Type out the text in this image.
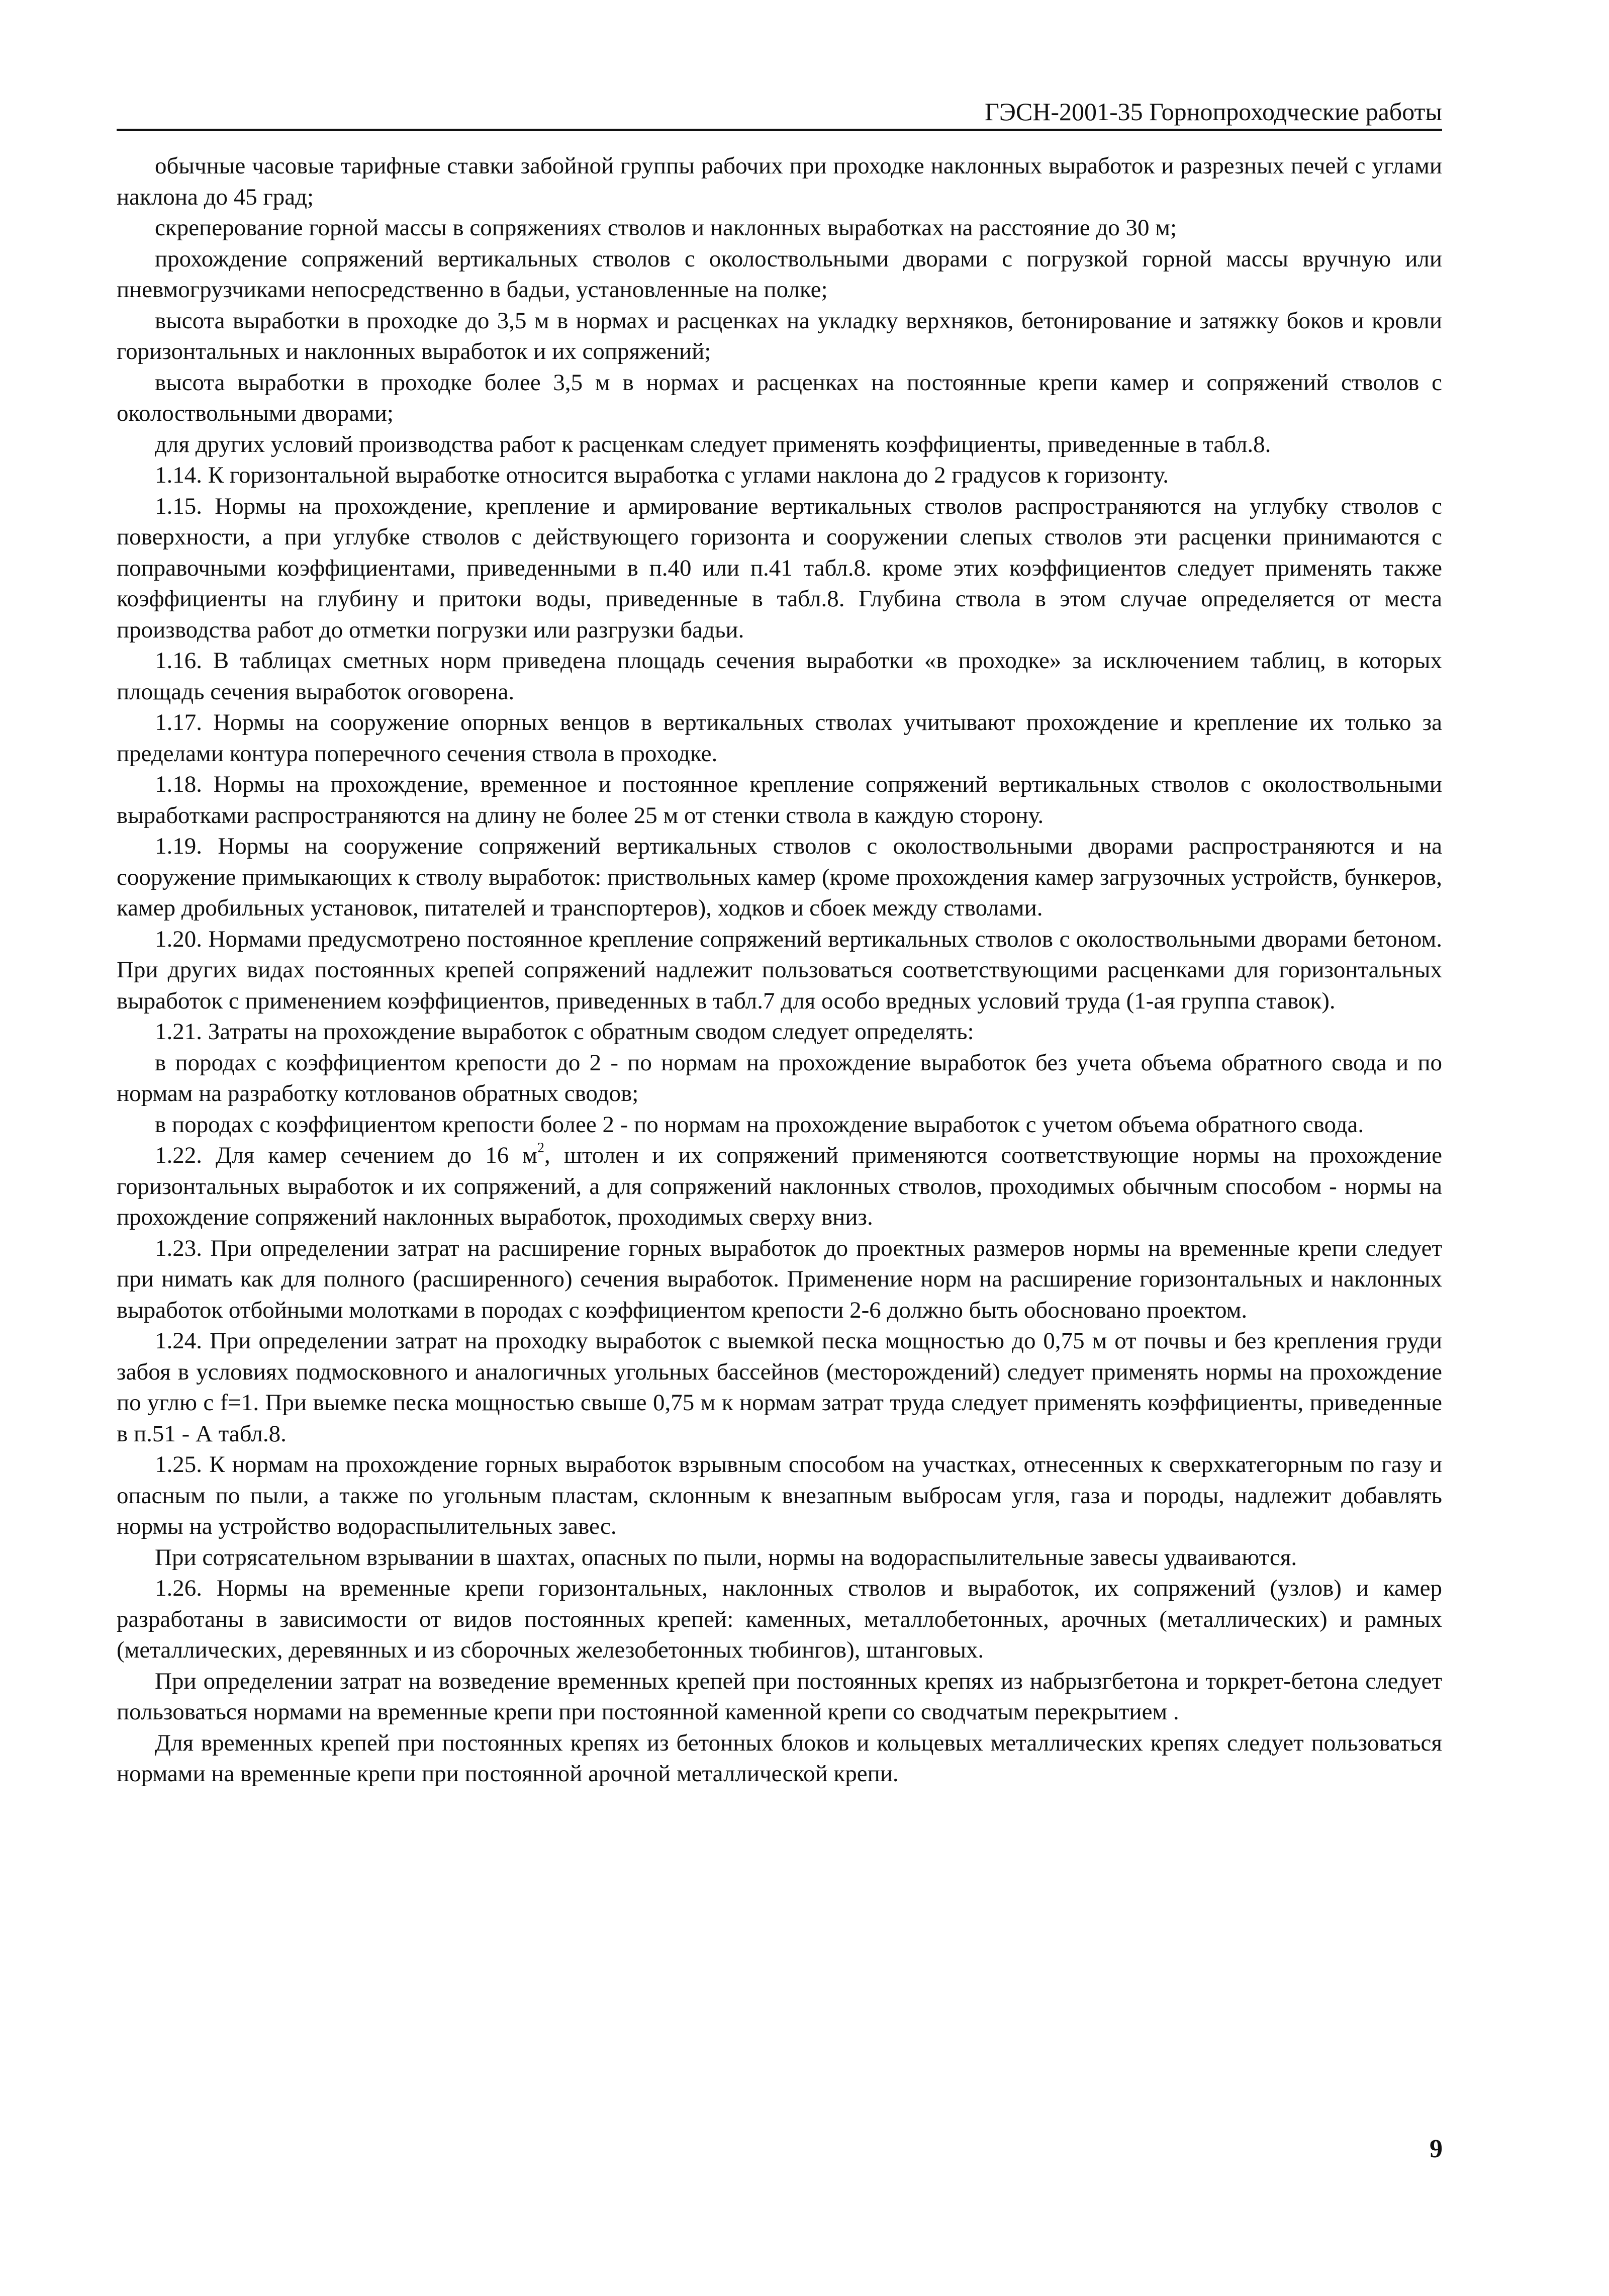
ГЭСН-2001-35 Горнопроходческие работы

обычные часовые тарифные ставки забойной группы рабочих при проходке наклонных выработок и разрезных печей с углами наклона до 45 град;

скреперование горной массы в сопряжениях стволов и наклонных выработках на расстояние до 30 м;

прохождение сопряжений вертикальных стволов с околоствольными дворами с погрузкой горной массы вручную или пневмогрузчиками непосредственно в бадьи, установленные на полке;

высота выработки в проходке до 3,5 м в нормах и расценках на укладку верхняков, бетонирование и затяжку боков и кровли горизонтальных и наклонных выработок и их сопряжений;

высота выработки в проходке более 3,5 м в нормах и расценках на постоянные крепи камер и сопряжений стволов с околоствольными дворами;

для других условий производства работ к расценкам следует применять коэффициенты, приведенные в табл.8.

1.14. К горизонтальной выработке относится выработка с углами наклона до 2 градусов к горизонту.

1.15. Нормы на прохождение, крепление и армирование вертикальных стволов распространяются на углубку стволов с поверхности, а при углубке стволов с действующего горизонта и сооружении слепых стволов эти расценки принимаются с поправочными коэффициентами, приведенными в п.40 или п.41 табл.8. кроме этих коэффициентов следует применять также коэффициенты на глубину и притоки воды, приведенные в табл.8. Глубина ствола в этом случае определяется от места производства работ до отметки погрузки или разгрузки бадьи.

1.16. В таблицах сметных норм приведена площадь сечения выработки «в проходке» за исключением таблиц, в которых площадь сечения выработок оговорена.

1.17. Нормы на сооружение опорных венцов в вертикальных стволах учитывают прохождение и крепление их только за пределами контура поперечного сечения ствола в проходке.

1.18. Нормы на прохождение, временное и постоянное крепление сопряжений вертикальных стволов с околоствольными выработками распространяются на длину не более 25 м от стенки ствола в каждую сторону.

1.19. Нормы на сооружение сопряжений вертикальных стволов с околоствольными дворами распространяются и на сооружение примыкающих к стволу выработок: приствольных камер (кроме прохождения камер загрузочных устройств, бункеров, камер дробильных установок, питателей и транспортеров), ходков и сбоек между стволами.

1.20. Нормами предусмотрено постоянное крепление сопряжений вертикальных стволов с околоствольными дворами бетоном. При других видах постоянных крепей сопряжений надлежит пользоваться соответствующими расценками для горизонтальных выработок с применением коэффициентов, приведенных в табл.7 для особо вредных условий труда (1-ая группа ставок).

1.21. Затраты на прохождение выработок с обратным сводом следует определять:

в породах с коэффициентом крепости до 2 - по нормам на прохождение выработок без учета объема обратного свода и по нормам на разработку котлованов обратных сводов;

в породах с коэффициентом крепости более 2 - по нормам на прохождение выработок с учетом объема обратного свода.

1.22. Для камер сечением до 16 $м^2$, штолен и их сопряжений применяются соответствующие нормы на прохождение горизонтальных выработок и их сопряжений, а для сопряжений наклонных стволов, проходимых обычным способом - нормы на прохождение сопряжений наклонных выработок, проходимых сверху вниз.

1.23. При определении затрат на расширение горных выработок до проектных размеров нормы на временные крепи следует при нимать как для полного (расширенного) сечения выработок. Применение норм на расширение горизонтальных и наклонных выработок отбойными молотками в породах с коэффициентом крепости 2-6 должно быть обосновано проектом.

1.24. При определении затрат на проходку выработок с выемкой песка мощностью до 0,75 м от почвы и без крепления груди забоя в условиях подмосковного и аналогичных угольных бассейнов (месторождений) следует применять нормы на прохождение по углю с f=1. При выемке песка мощностью свыше 0,75 м к нормам затрат труда следует применять коэффициенты, приведенные в п.51 - А табл.8.

1.25. К нормам на прохождение горных выработок взрывным способом на участках, отнесенных к сверхкатегорным по газу и опасным по пыли, а также по угольным пластам, склонным к внезапным выбросам угля, газа и породы, надлежит добавлять нормы на устройство водораспылительных завес.

При сотрясательном взрывании в шахтах, опасных по пыли, нормы на водораспылительные завесы удваиваются.

1.26. Нормы на временные крепи горизонтальных, наклонных стволов и выработок, их сопряжений (узлов) и камер разработаны в зависимости от видов постоянных крепей: каменных, металлобетонных, арочных (металлических) и рамных (металлических, деревянных и из сборочных железобетонных тюбингов), штанговых.

При определении затрат на возведение временных крепей при постоянных крепях из набрызгбетона и торкрет-бетона следует пользоваться нормами на временные крепи при постоянной каменной крепи со сводчатым перекрытием .

Для временных крепей при постоянных крепях из бетонных блоков и кольцевых металлических крепях следует пользоваться нормами на временные крепи при постоянной арочной металлической крепи.

9
